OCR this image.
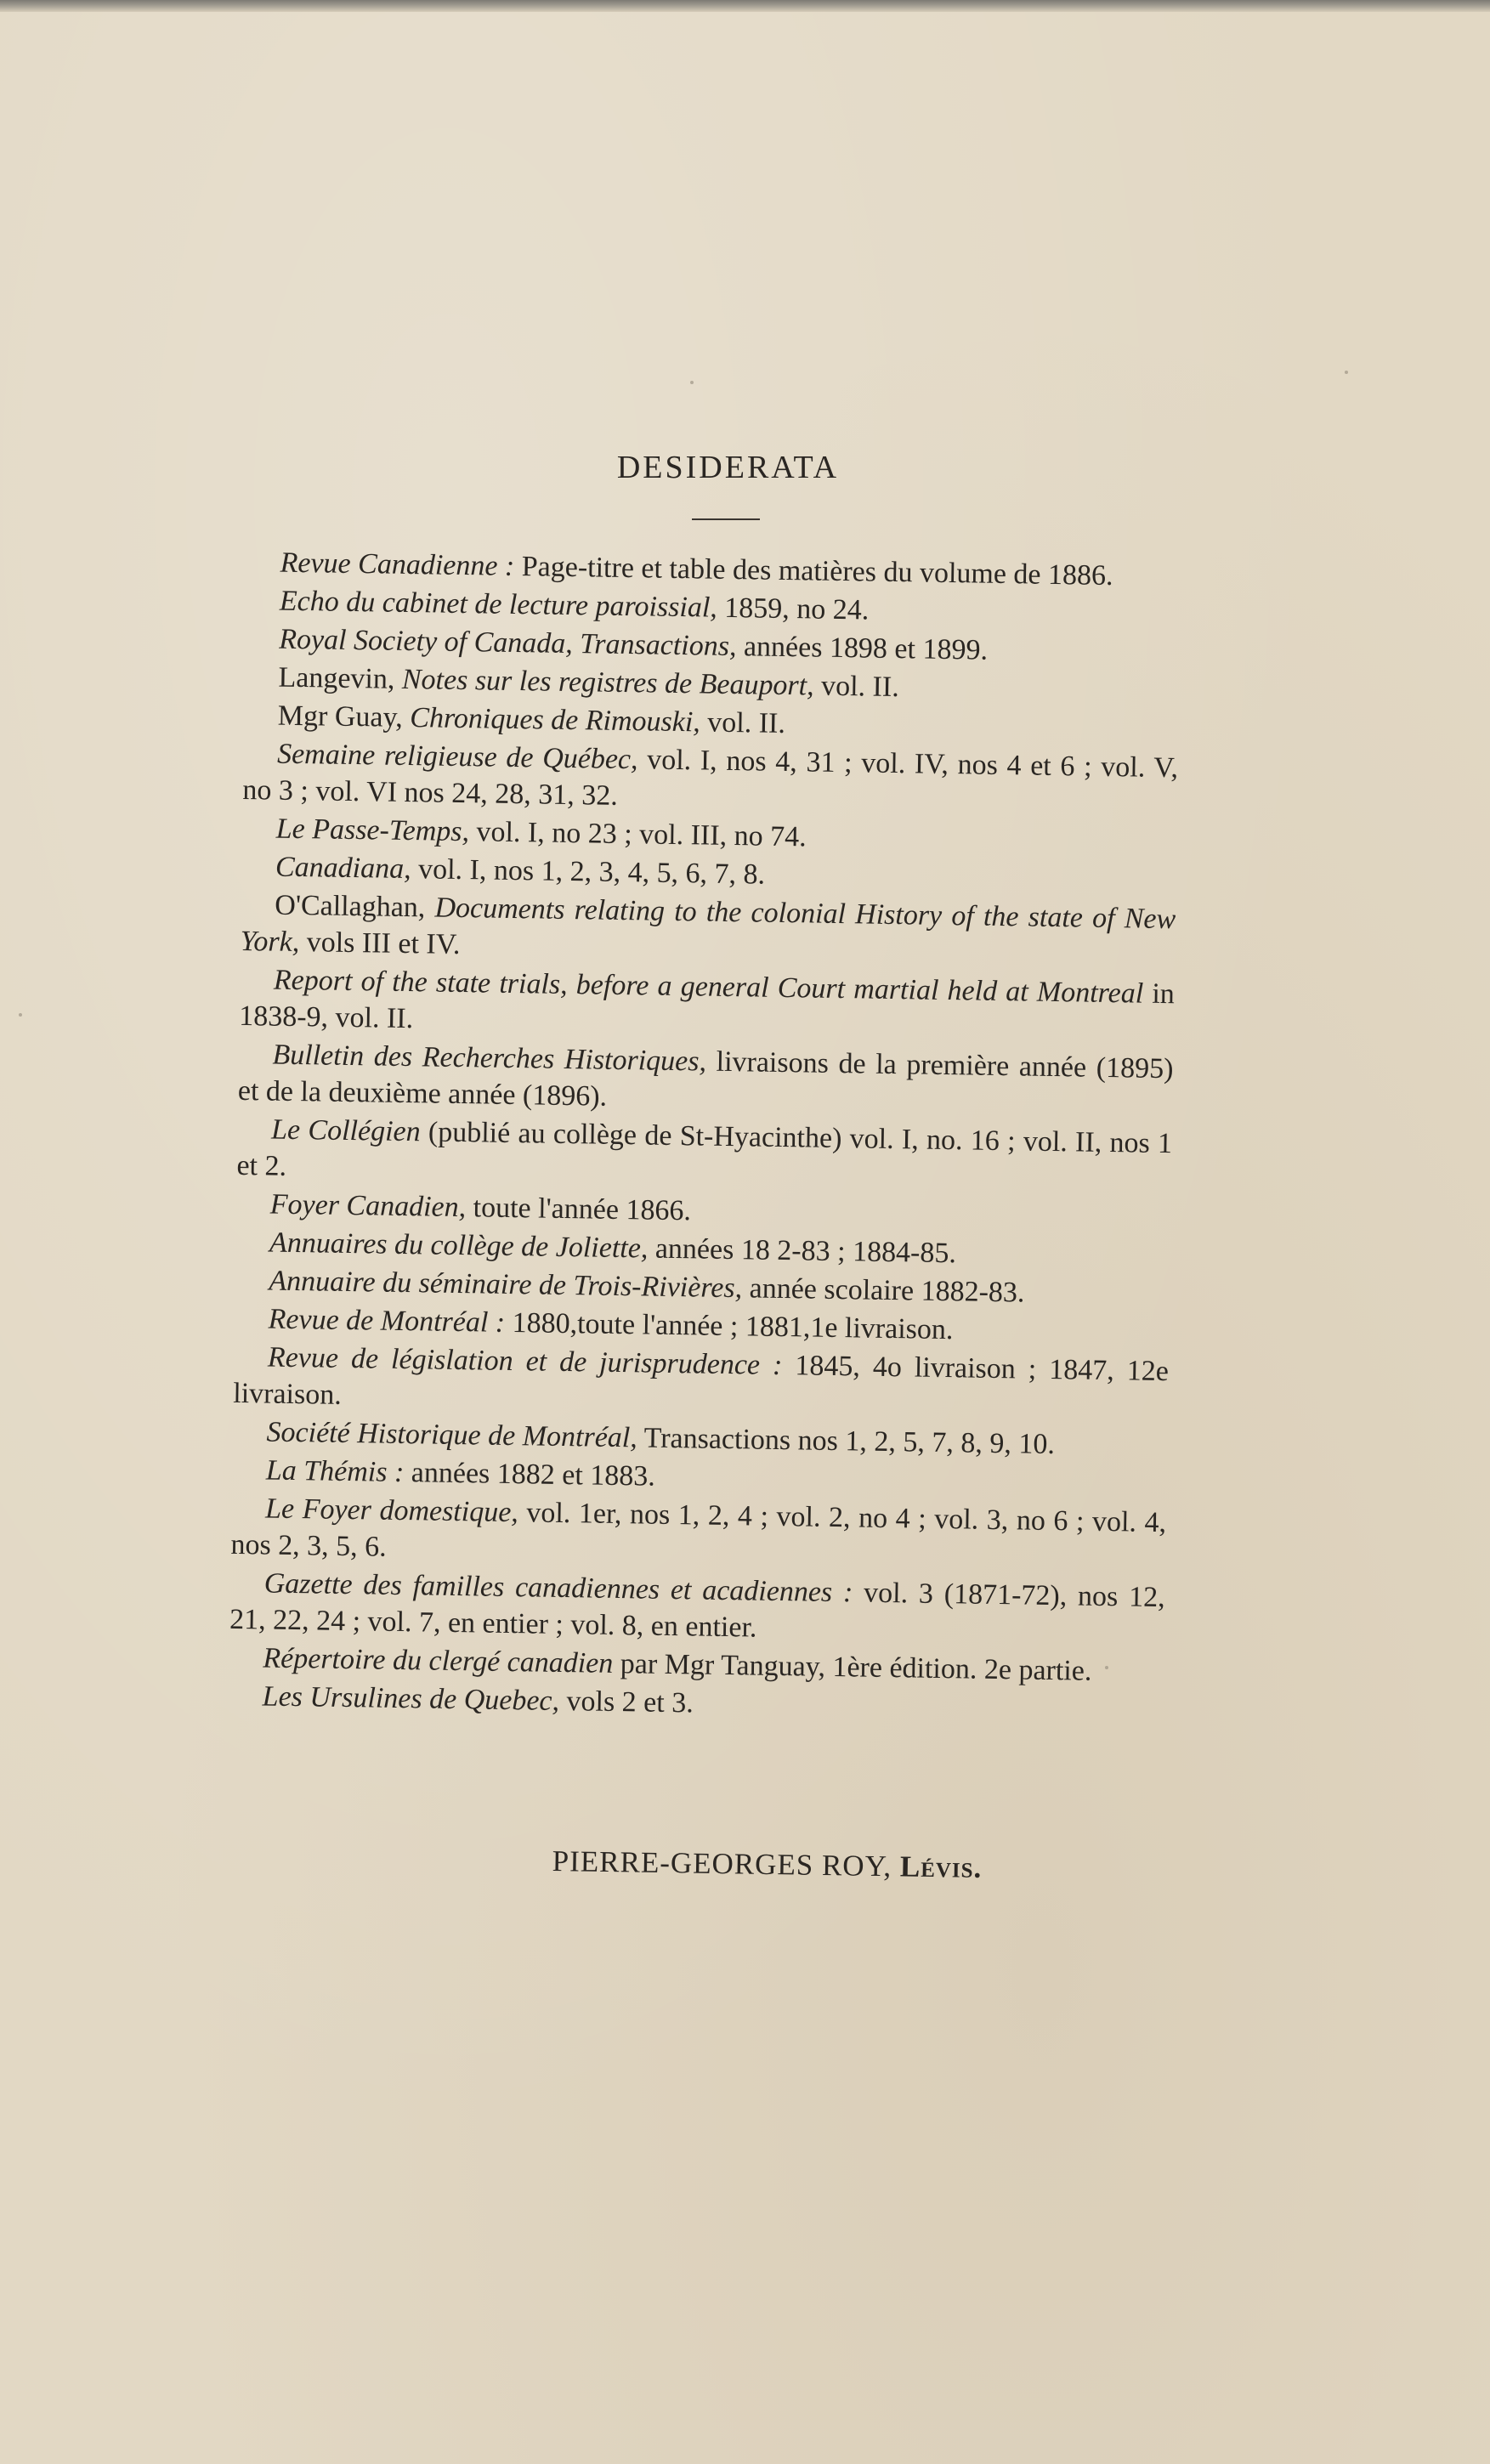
DESIDERATA

Revue Canadienne : Page-titre et table des matières du volume de 1886.

Echo du cabinet de lecture paroissial, 1859, no 24.

Royal Society of Canada, Transactions, années 1898 et 1899.

Langevin, Notes sur les registres de Beauport, vol. II.

Mgr Guay, Chroniques de Rimouski, vol. II.

Semaine religieuse de Québec, vol. I, nos 4, 31 ; vol. IV, nos 4 et 6 ; vol. V, no 3 ; vol. VI nos 24, 28, 31, 32.

Le Passe-Temps, vol. I, no 23 ; vol. III, no 74.

Canadiana, vol. I, nos 1, 2, 3, 4, 5, 6, 7, 8.

O'Callaghan, Documents relating to the colonial History of the state of New York, vols III et IV.

Report of the state trials, before a general Court martial held at Montreal in 1838-9, vol. II.

Bulletin des Recherches Historiques, livraisons de la première année (1895) et de la deuxième année (1896).

Le Collégien (publié au collège de St-Hyacinthe) vol. I, no. 16 ; vol. II, nos 1 et 2.

Foyer Canadien, toute l'année 1866.

Annuaires du collège de Joliette, années 18 2-83 ; 1884-85.

Annuaire du séminaire de Trois-Rivières, année scolaire 1882-83.

Revue de Montréal : 1880,toute l'année ; 1881,1e livraison.

Revue de législation et de jurisprudence : 1845, 4o livraison ; 1847, 12e livraison.

Société Historique de Montréal, Transactions nos 1, 2, 5, 7, 8, 9, 10.

La Thémis : années 1882 et 1883.

Le Foyer domestique, vol. 1er, nos 1, 2, 4 ; vol. 2, no 4 ; vol. 3, no 6 ; vol. 4, nos 2, 3, 5, 6.

Gazette des familles canadiennes et acadiennes : vol. 3 (1871-72), nos 12, 21, 22, 24 ; vol. 7, en entier ; vol. 8, en entier.

Répertoire du clergé canadien par Mgr Tanguay, 1ère édition. 2e partie.

Les Ursulines de Quebec, vols 2 et 3.

PIERRE-GEORGES ROY, Lévis.
